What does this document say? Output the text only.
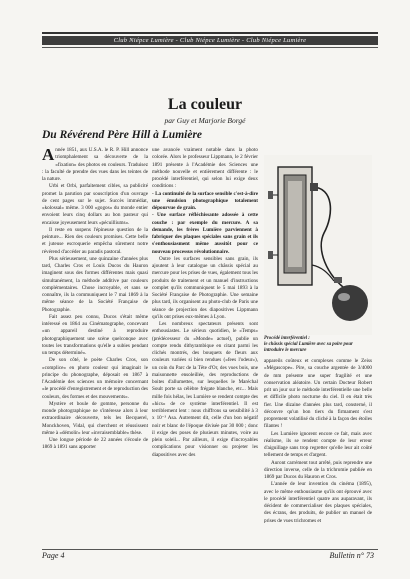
Club Niépce Lumière - Club Niépce Lumière - Club Niépce Lumière
La couleur
par Guy et Marjorie Borgé
Du Révérend Père Hill à Lumière

Année 1851, aux U.S.A. le R. P. Hill annonce triomphalement sa découverte de la «fixation» des photos en couleurs. Traduisez : la faculté de prendre des vues dans les teintes de la nature.

Urbi et Orbi, parfaitement cibles, sa publicité promet la parution par souscription d'un ouvrage de cent pages sur le sujet. Succès immédiat, «kolossal» même. 3 000 «gogos» du monde entier envoient leurs cinq dollars au bon pasteur qui encaisse joyeusement leurs «pécuilliums».

Il reste en suspens l'épineuse question de la peinture... Rien des couleurs promises. Cette belle et juteuse escroquerie empêcha sûrement notre révérend d'accéder au paradis pastoral.

Plus sérieusement, une quinzaine d'années plus tard, Charles Cros et Louis Ducos du Hauron imaginent sous des formes différentes mais quasi simultanément, la méthode additive par couleurs complémentaires. Chose incroyable, et sans se connaître, ils la communiquent le 7 mai 1869 à la même séance de la Société Française de Photographie.

Fait assez peu connu, Ducos s'était même intéressé en 1864 au Cinématographe, concevant «un appareil destiné à reproduire photographiquement une scène quelconque avec toutes les transformations qu'elle a subies pendant un temps déterminé».

De son côté, le poète Charles Cros, son «complice» en photo couleur qui imaginait le principe du phonographe, déposait en 1867 à l'Académie des sciences un mémoire concernant «le procédé d'enregistrement et de reproduction des couleurs, des formes et des mouvements».

Mystère et boule de gomme, personne du monde photographique ne s'intéresse alors à leur extraordinaire découverte, tels les Becquerel, Monckhoven, Vidal, qui cherchent et réussissent même à «démolir» leur «invraisemblable» thèse.

Une longue période de 22 années s'écoule de 1869 à 1891 sans apporter

une avancée vraiment notable dans la photo colorée. Alors le professeur Lippmann, le 2 février 1891 présente à l'Académie des Sciences une méthode nouvelle et entièrement différente : le procédé interférentiel, qui selon lui exige deux conditions :

- La continuité de la surface sensible c'est-à-dire une émulsion photographique totalement dépourvue de grain.

- Une surface réfléchissante adossée à cette couche : par exemple du mercure. A sa demande, les frères Lumière parviennent à fabriquer des plaques spéciales sans grain et ils s'enthousiasment même aussitôt pour ce nouveau processus révolutionnaire.

Outre les surfaces sensibles sans grain, ils ajoutent à leur catalogue un châssis spécial au mercure pour les prises de vues, également tous les produits de traitement et un manuel d'instructions complet qu'ils communiquent le 5 mai 1893 à la Société Française de Photographie. Une semaine plus tard, ils organisent au photo-club de Paris une séance de projection des diapositives Lippmann qu'ils ont prises eux-mêmes à Lyon.

Les nombreux spectateurs présents sont enthousiastes. Le sérieux quotidien, le «Temps» (prédécesseur du «Monde» actuel), publie un compte rendu dithyrambique en citant parmi les clichés montrés, des bouquets de fleurs aux couleurs variées si bien rendues («fees l'odeur»), un coin du Parc de la Tête d'Or, des vues bois, une maisonnette ensoleillée, des reproductions de boites d'allumettes, sur lesquelles le Maréchal Soult porte sa célèbre frégate blanche, etc... Mais mille fois hélas, les Lumière se rendent compte des «hics» de ce système interférentiel. Il est terriblement lent : nous chiffrons sa sensibilité à 3 x 10⁻³ Asa. Autrement dit, celle d'un bon négatif noir et blanc de l'époque divisée par 30 000 ; donc il exige des poses de plusieurs minutes, voire au plein soleil... Par ailleurs, il exige d'incroyables complications pour visionner ou projeter les diapositives avec des

Procédé interférentiel :
le châssis spécial Lumière avec sa poire pour introduire le mercure

appareils coûteux et complexes comme le Zeiss «Mégascope». Pire, sa couche argentée de 3/4000 de mm présente une super fragilité et une conservation aléatoire. Un certain Docteur Robert prit un jour sur le méthode interférentielle une belle et difficile photo nocturne du ciel. Il en était très fier. Une dizaine d'années plus tard, consterné, il découvre qu'un bon tiers du firmament s'est proprement volatilisé du cliché à la façon des étoiles filantes !

Les Lumière ignorent encore ce fait, mais avec réalisme, ils se rendent compte de leur erreur d'aiguillage sans trop regretter qu'elle leur ait coûté tellement de temps et d'argent.

Auront carrément tout arrêté, puis reprendre une direction inverse, celle de la trichromie publiée en 1869 par Ducos du Hauron et Cros.

L'année de leur invention du cinéma (1895), avec le même enthousiasme qu'ils ont éprouvé avec le procédé interférentiel quatre ans auparavant, ils décident de commercialiser des plaques spéciales, des écrans, des produits, de publier un manuel de prises de vues trichromes et

Page 4	Bulletin n° 73
